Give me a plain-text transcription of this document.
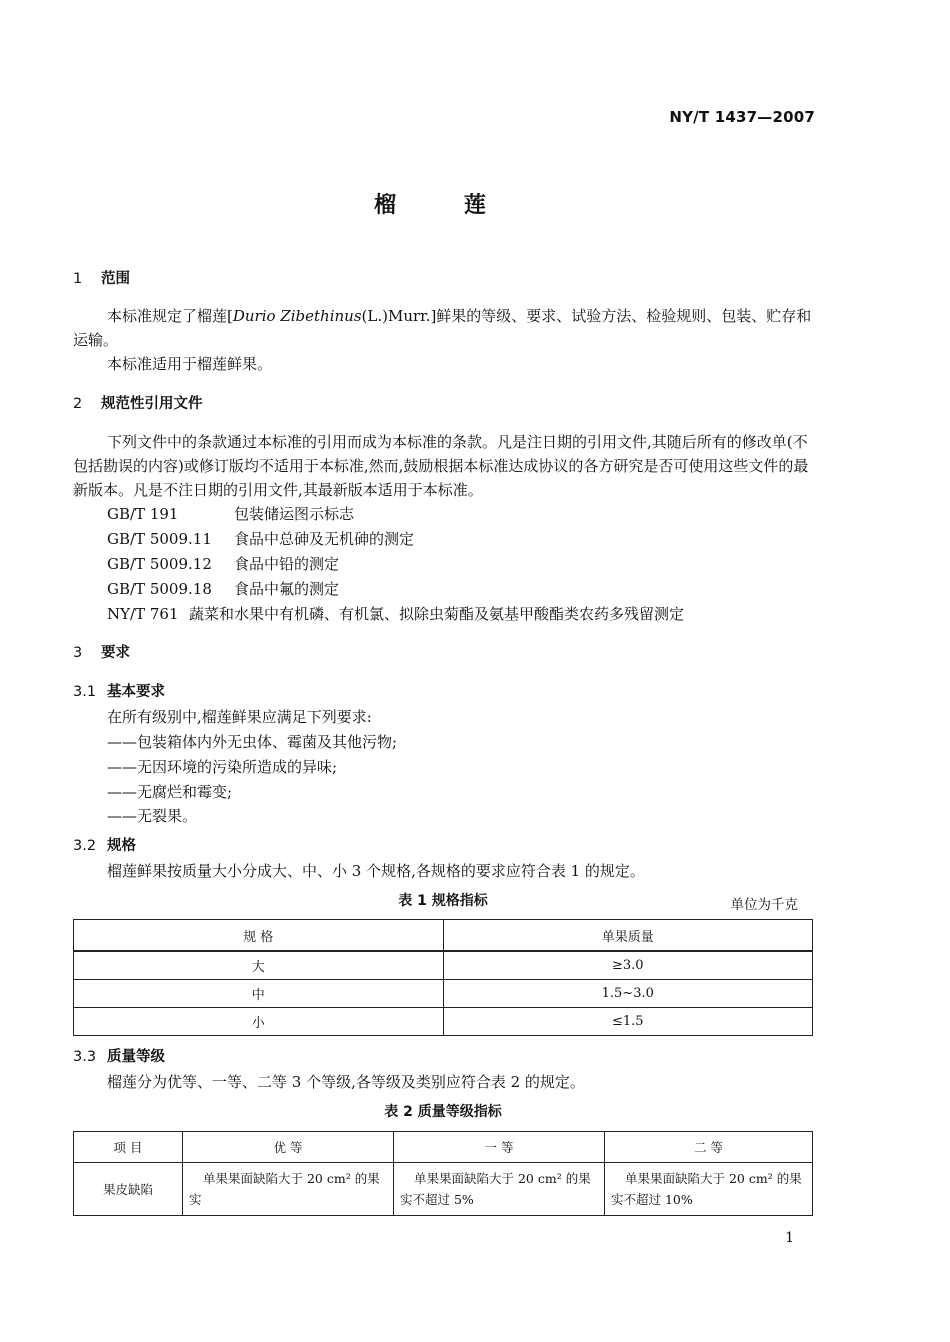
NY/T 1437—2007
榴 莲
1 范围
本标准规定了榴莲[Durio Zibethinus(L.)Murr.]鲜果的等级、要求、试验方法、检验规则、包装、贮存和运输。
本标准适用于榴莲鲜果。
2 规范性引用文件
下列文件中的条款通过本标准的引用而成为本标准的条款。凡是注日期的引用文件,其随后所有的修改单(不包括勘误的内容)或修订版均不适用于本标准,然而,鼓励根据本标准达成协议的各方研究是否可使用这些文件的最新版本。凡是不注日期的引用文件,其最新版本适用于本标准。
GB/T 191	包装储运图示标志
GB/T 5009.11 食品中总砷及无机砷的测定
GB/T 5009.12 食品中铅的测定
GB/T 5009.18 食品中氟的测定
NY/T 761 蔬菜和水果中有机磷、有机氯、拟除虫菊酯及氨基甲酸酯类农药多残留测定
3 要求
3.1 基本要求
在所有级别中,榴莲鲜果应满足下列要求:
——包装箱体内外无虫体、霉菌及其他污物;
——无因环境的污染所造成的异味;
——无腐烂和霉变;
——无裂果。
3.2 规格
榴莲鲜果按质量大小分成大、中、小 3 个规格,各规格的要求应符合表 1 的规定。
表 1 规格指标	单位为千克
规 格	单果质量
大	≥3.0
中	1.5~3.0
小	≤1.5
3.3 质量等级
榴莲分为优等、一等、二等 3 个等级,各等级及类别应符合表 2 的规定。
表 2 质量等级指标
项 目	优 等	一 等	二 等
果皮缺陷	单果果面缺陷大于 20 cm² 的果实	单果果面缺陷大于 20 cm² 的果实不超过 5%	单果果面缺陷大于 20 cm² 的果实不超过 10%
1
